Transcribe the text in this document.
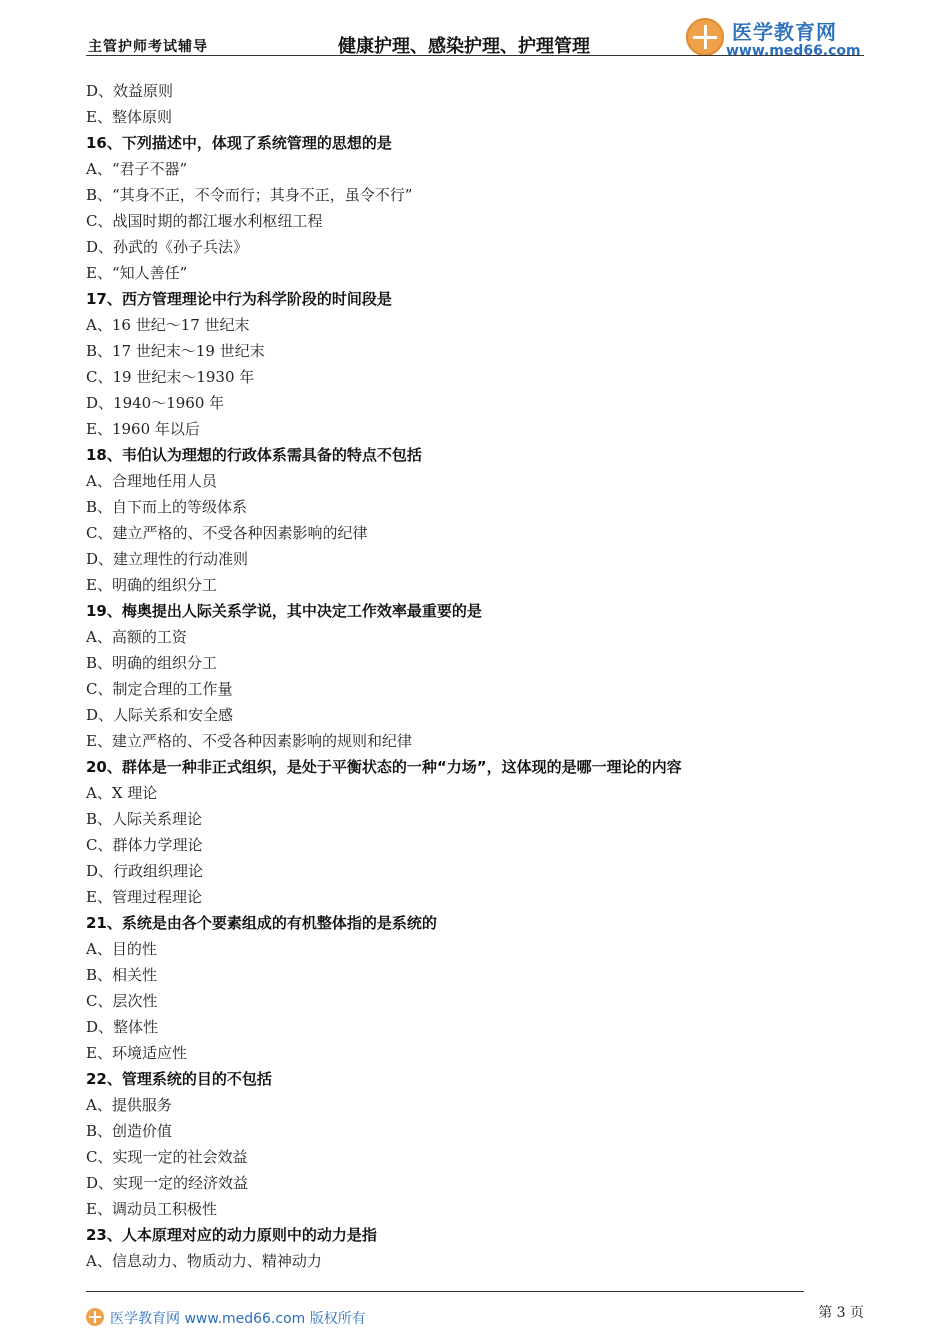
主管护师考试辅导	健康护理、感染护理、护理管理
医学教育网
www.med66.com
D、效益原则
E、整体原则
16、下列描述中，体现了系统管理的思想的是
A、“君子不器”
B、“其身不正，不令而行；其身不正，虽令不行”
C、战国时期的都江堰水利枢纽工程
D、孙武的《孙子兵法》
E、“知人善任”
17、西方管理理论中行为科学阶段的时间段是
A、16 世纪～17 世纪末
B、17 世纪末～19 世纪末
C、19 世纪末～1930 年
D、1940～1960 年
E、1960 年以后
18、韦伯认为理想的行政体系需具备的特点不包括
A、合理地任用人员
B、自下而上的等级体系
C、建立严格的、不受各种因素影响的纪律
D、建立理性的行动准则
E、明确的组织分工
19、梅奥提出人际关系学说，其中决定工作效率最重要的是
A、高额的工资
B、明确的组织分工
C、制定合理的工作量
D、人际关系和安全感
E、建立严格的、不受各种因素影响的规则和纪律
20、群体是一种非正式组织，是处于平衡状态的一种“力场”，这体现的是哪一理论的内容
A、X 理论
B、人际关系理论
C、群体力学理论
D、行政组织理论
E、管理过程理论
21、系统是由各个要素组成的有机整体指的是系统的
A、目的性
B、相关性
C、层次性
D、整体性
E、环境适应性
22、管理系统的目的不包括
A、提供服务
B、创造价值
C、实现一定的社会效益
D、实现一定的经济效益
E、调动员工积极性
23、人本原理对应的动力原则中的动力是指
A、信息动力、物质动力、精神动力
医学教育网 www.med66.com 版权所有	第 3 页
